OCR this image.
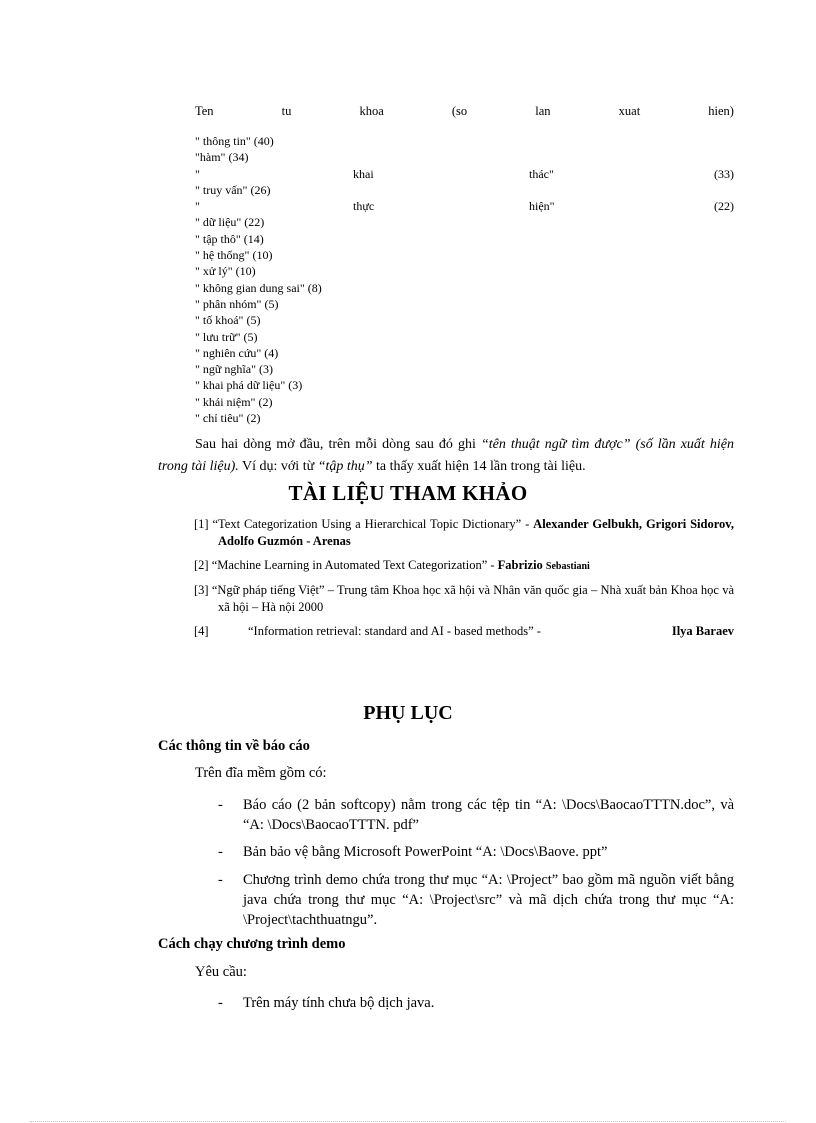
Ten	tu	khoa	(so	lan	xuat	hien)
" thông tin" (40)
"hàm" (34)
"	khai	thác"	(33)
" truy vấn" (26)
"	thực	hiện"	(22)
" dữ liệu" (22)
" tập thô" (14)
" hệ thống" (10)
" xử lý" (10)
" không gian dung sai" (8)
" phân nhóm" (5)
" tố khoá" (5)
" lưu trữ" (5)
" nghiên cứu" (4)
" ngữ nghĩa" (3)
" khai phá dữ liệu" (3)
" khái niệm" (2)
" chỉ tiêu" (2)
Sau hai dòng mở đầu, trên mỗi dòng sau đó ghi “tên thuật ngữ tìm được” (số lần xuất hiện trong tài liệu). Ví dụ: với từ “tập thụ” ta thấy xuất hiện 14 lần trong tài liệu.
TÀI LIỆU THAM KHẢO
[1] “Text Categorization Using a Hierarchical Topic Dictionary” - Alexander Gelbukh, Grigori Sidorov, Adolfo Guzmón - Arenas
[2] “Machine Learning in Automated Text Categorization” - Fabrizio Sebastiani
[3] “Ngữ pháp tiếng Việt” – Trung tâm Khoa học xã hội và Nhân văn quốc gia – Nhà xuất bản Khoa học và xã hội – Hà nội 2000
[4]	“Information retrieval: standard and AI - based methods” -	Ilya Baraev
PHỤ LỤC
Các thông tin về báo cáo
Trên đĩa mềm gồm có:
- Báo cáo (2 bản softcopy) nằm trong các tệp tin “A: \Docs\BaocaoTTTN.doc”, và “A: \Docs\BaocaoTTTN. pdf”
- Bản bảo vệ bằng Microsoft PowerPoint “A: \Docs\Baove. ppt”
- Chương trình demo chứa trong thư mục “A: \Project” bao gồm mã nguồn viết bằng java chứa trong thư mục “A: \Project\src” và mã dịch chứa trong thư mục “A: \Project\tachthuatngu”.
Cách chạy chương trình demo
Yêu cầu:
- Trên máy tính chưa bộ dịch java.
